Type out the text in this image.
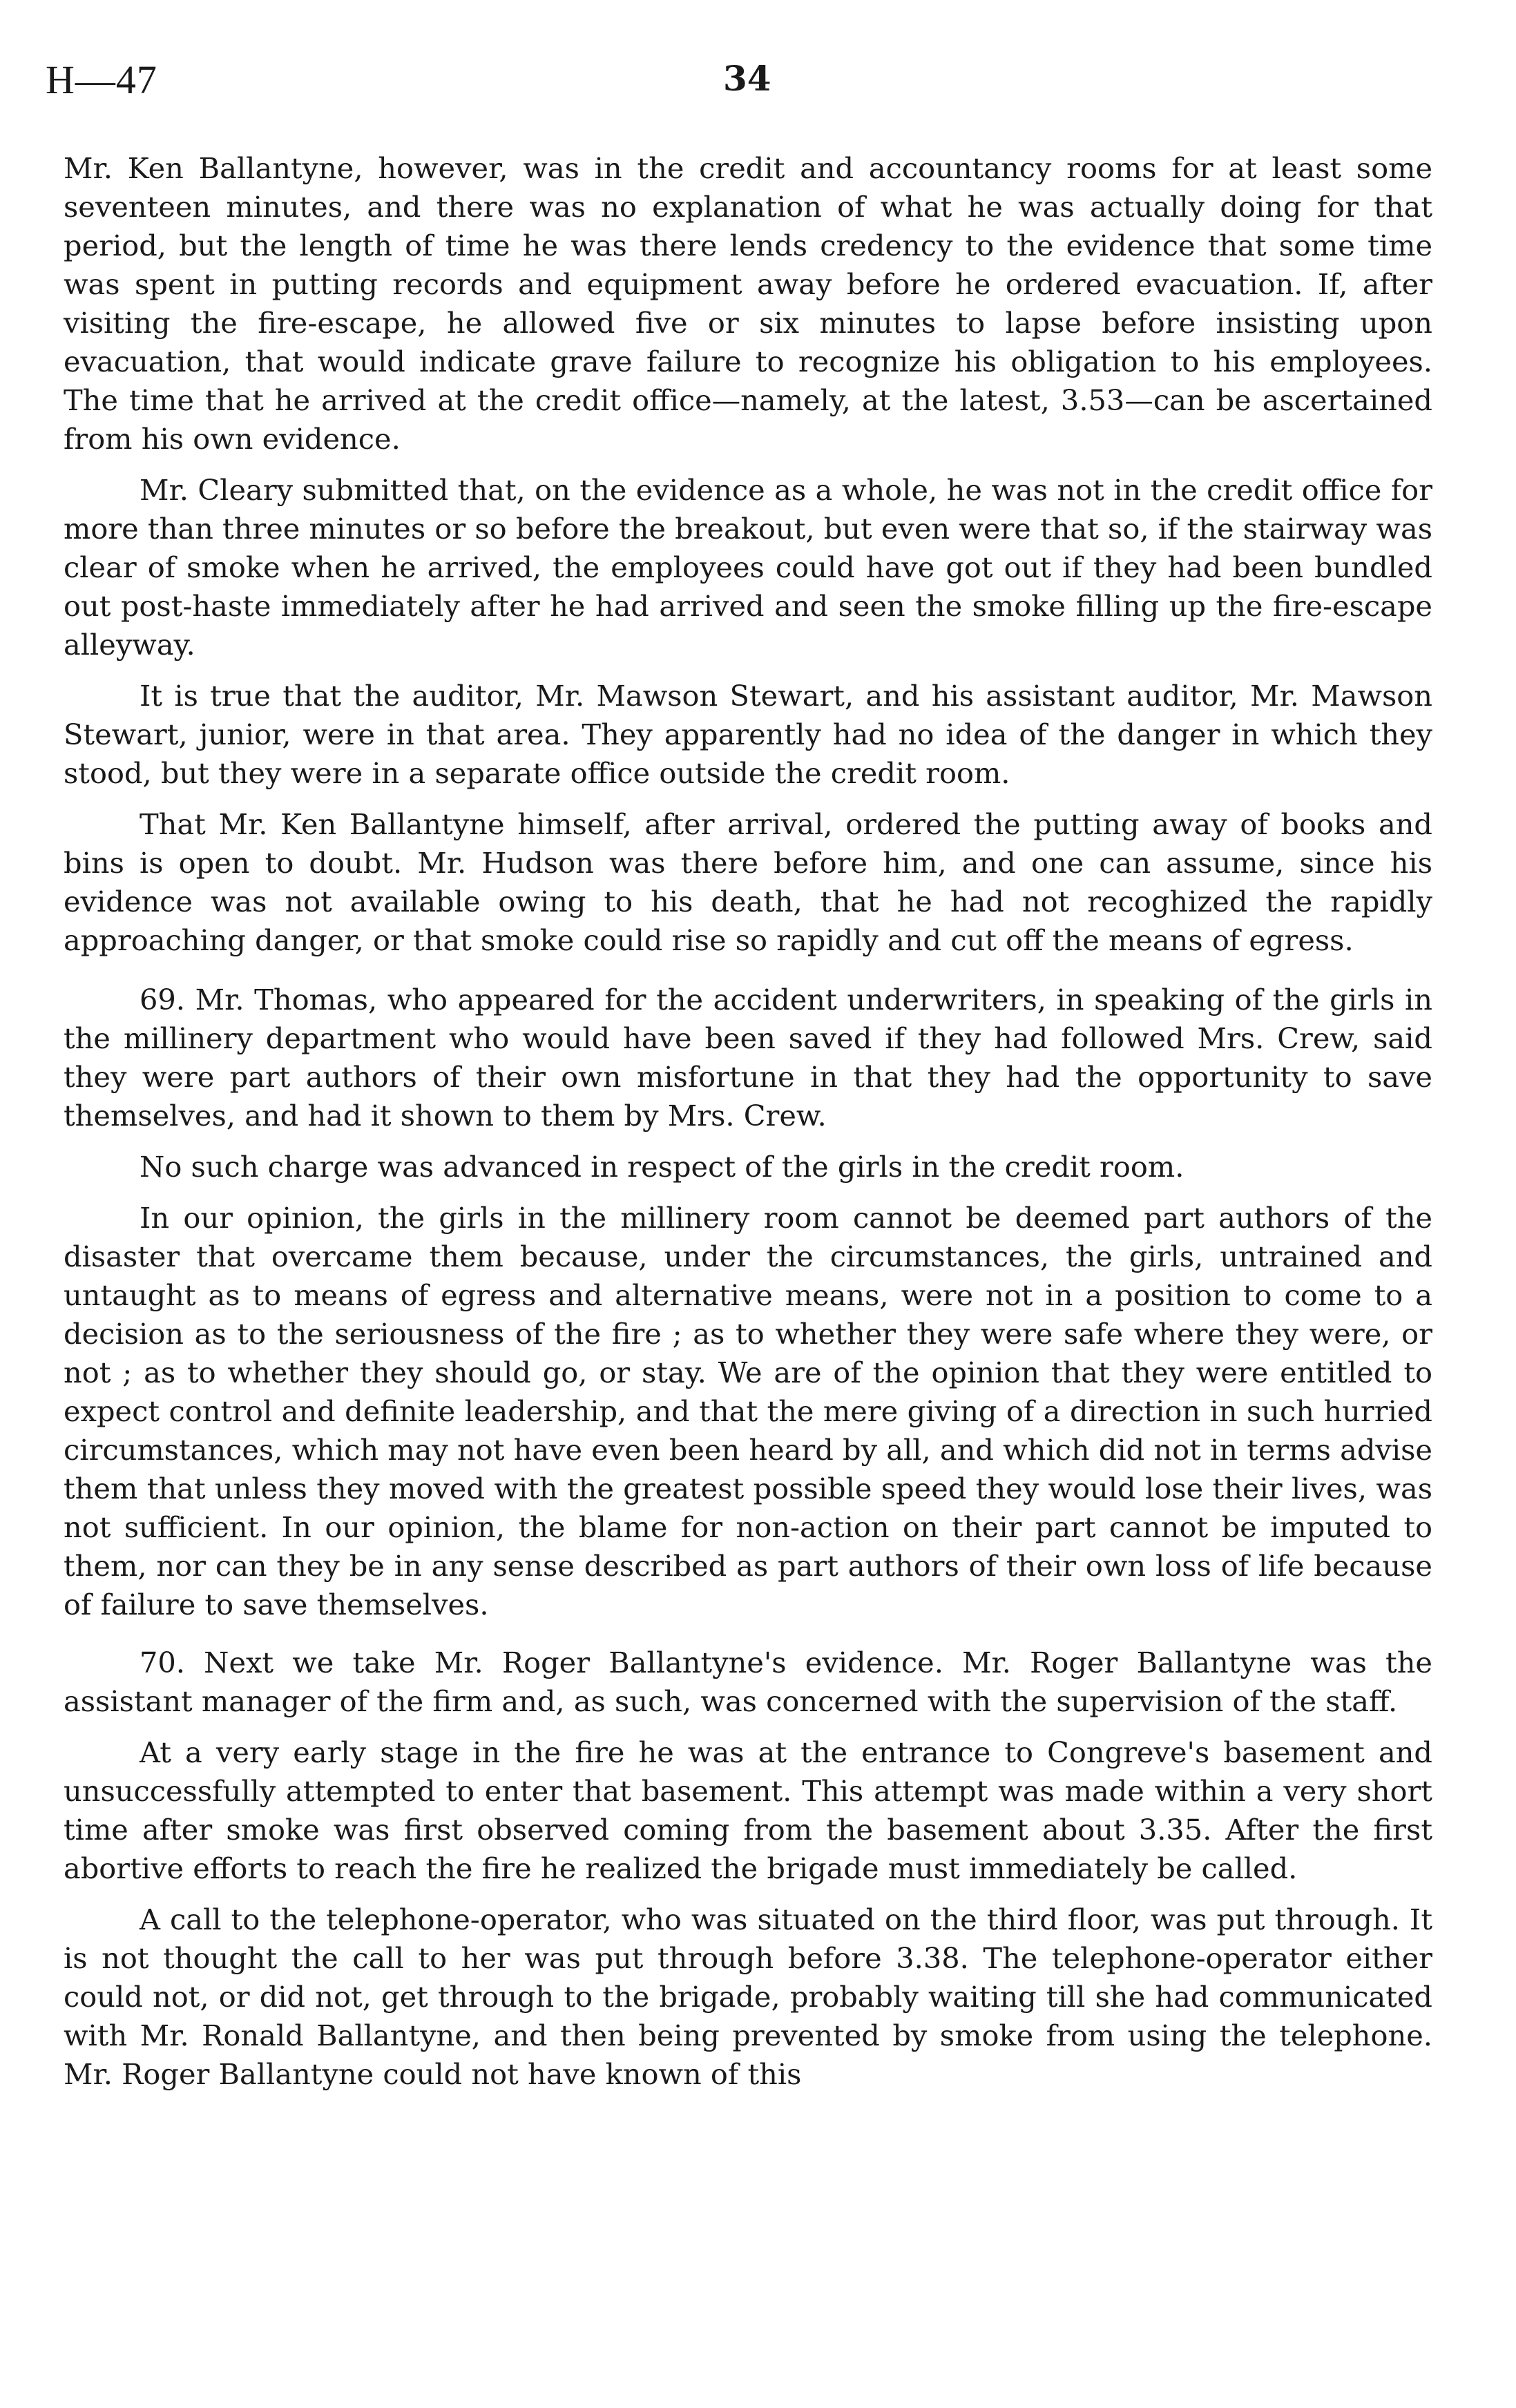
H—47	34

Mr. Ken Ballantyne, however, was in the credit and accountancy rooms for at least some seventeen minutes, and there was no explanation of what he was actually doing for that period, but the length of time he was there lends credency to the evidence that some time was spent in putting records and equipment away before he ordered evacuation. If, after visiting the fire-escape, he allowed five or six minutes to lapse before insisting upon evacuation, that would indicate grave failure to recognize his obligation to his employees. The time that he arrived at the credit office—namely, at the latest, 3.53—can be ascertained from his own evidence.

Mr. Cleary submitted that, on the evidence as a whole, he was not in the credit office for more than three minutes or so before the breakout, but even were that so, if the stairway was clear of smoke when he arrived, the employees could have got out if they had been bundled out post-haste immediately after he had arrived and seen the smoke filling up the fire-escape alleyway.

It is true that the auditor, Mr. Mawson Stewart, and his assistant auditor, Mr. Mawson Stewart, junior, were in that area. They apparently had no idea of the danger in which they stood, but they were in a separate office outside the credit room.

That Mr. Ken Ballantyne himself, after arrival, ordered the putting away of books and bins is open to doubt. Mr. Hudson was there before him, and one can assume, since his evidence was not available owing to his death, that he had not recoghized the rapidly approaching danger, or that smoke could rise so rapidly and cut off the means of egress.

69. Mr. Thomas, who appeared for the accident underwriters, in speaking of the girls in the millinery department who would have been saved if they had followed Mrs. Crew, said they were part authors of their own misfortune in that they had the opportunity to save themselves, and had it shown to them by Mrs. Crew.

No such charge was advanced in respect of the girls in the credit room.

In our opinion, the girls in the millinery room cannot be deemed part authors of the disaster that overcame them because, under the circumstances, the girls, untrained and untaught as to means of egress and alternative means, were not in a position to come to a decision as to the seriousness of the fire ; as to whether they were safe where they were, or not ; as to whether they should go, or stay. We are of the opinion that they were entitled to expect control and definite leadership, and that the mere giving of a direction in such hurried circumstances, which may not have even been heard by all, and which did not in terms advise them that unless they moved with the greatest possible speed they would lose their lives, was not sufficient. In our opinion, the blame for non-action on their part cannot be imputed to them, nor can they be in any sense described as part authors of their own loss of life because of failure to save themselves.

70. Next we take Mr. Roger Ballantyne's evidence. Mr. Roger Ballantyne was the assistant manager of the firm and, as such, was concerned with the supervision of the staff.

At a very early stage in the fire he was at the entrance to Congreve's basement and unsuccessfully attempted to enter that basement. This attempt was made within a very short time after smoke was first observed coming from the basement about 3.35. After the first abortive efforts to reach the fire he realized the brigade must immediately be called.

A call to the telephone-operator, who was situated on the third floor, was put through. It is not thought the call to her was put through before 3.38. The telephone-operator either could not, or did not, get through to the brigade, probably waiting till she had communicated with Mr. Ronald Ballantyne, and then being prevented by smoke from using the telephone. Mr. Roger Ballantyne could not have known of this
